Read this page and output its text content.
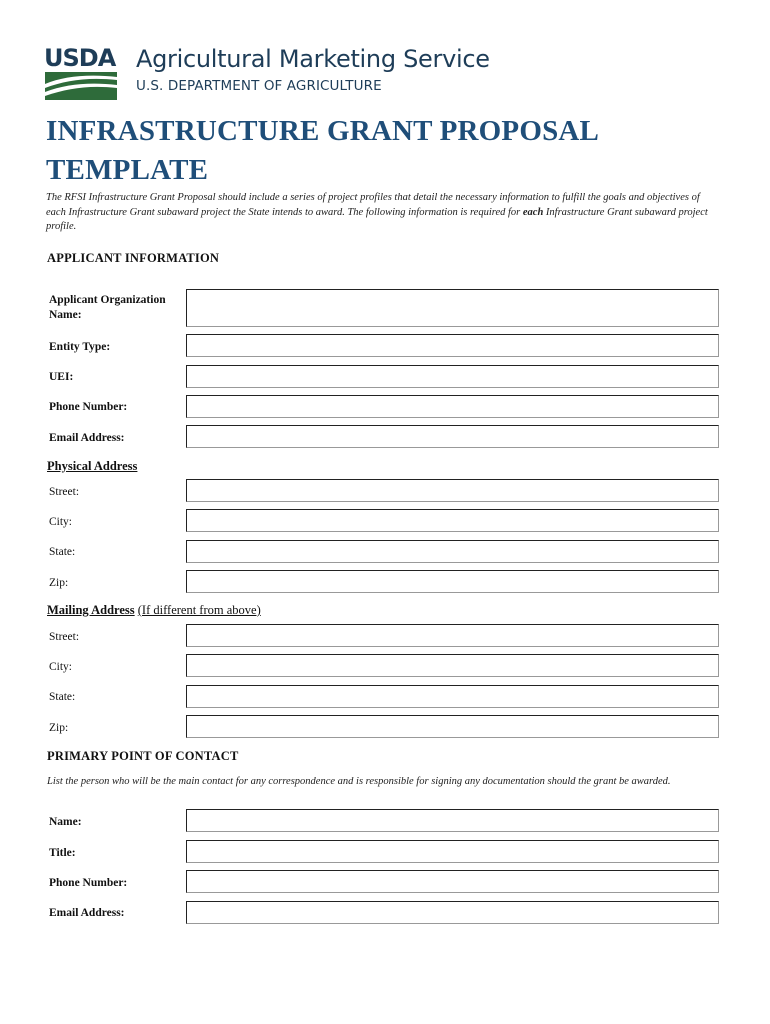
USDA Agricultural Marketing Service
U.S. DEPARTMENT OF AGRICULTURE
INFRASTRUCTURE GRANT PROPOSAL
TEMPLATE

The RFSI Infrastructure Grant Proposal should include a series of project profiles that detail the necessary information to fulfill the goals and objectives of each Infrastructure Grant subaward project the State intends to award. The following information is required for each Infrastructure Grant subaward project profile.

APPLICANT INFORMATION
Applicant Organization
Name:
Entity Type:
UEI:
Phone Number:
Email Address:
Physical Address
Street:
City:
State:
Zip:
Mailing Address (If different from above)
Street:
City:
State:
Zip:
PRIMARY POINT OF CONTACT

List the person who will be the main contact for any correspondence and is responsible for signing any documentation should the grant be awarded.

Name:
Title:
Phone Number:
Email Address:
